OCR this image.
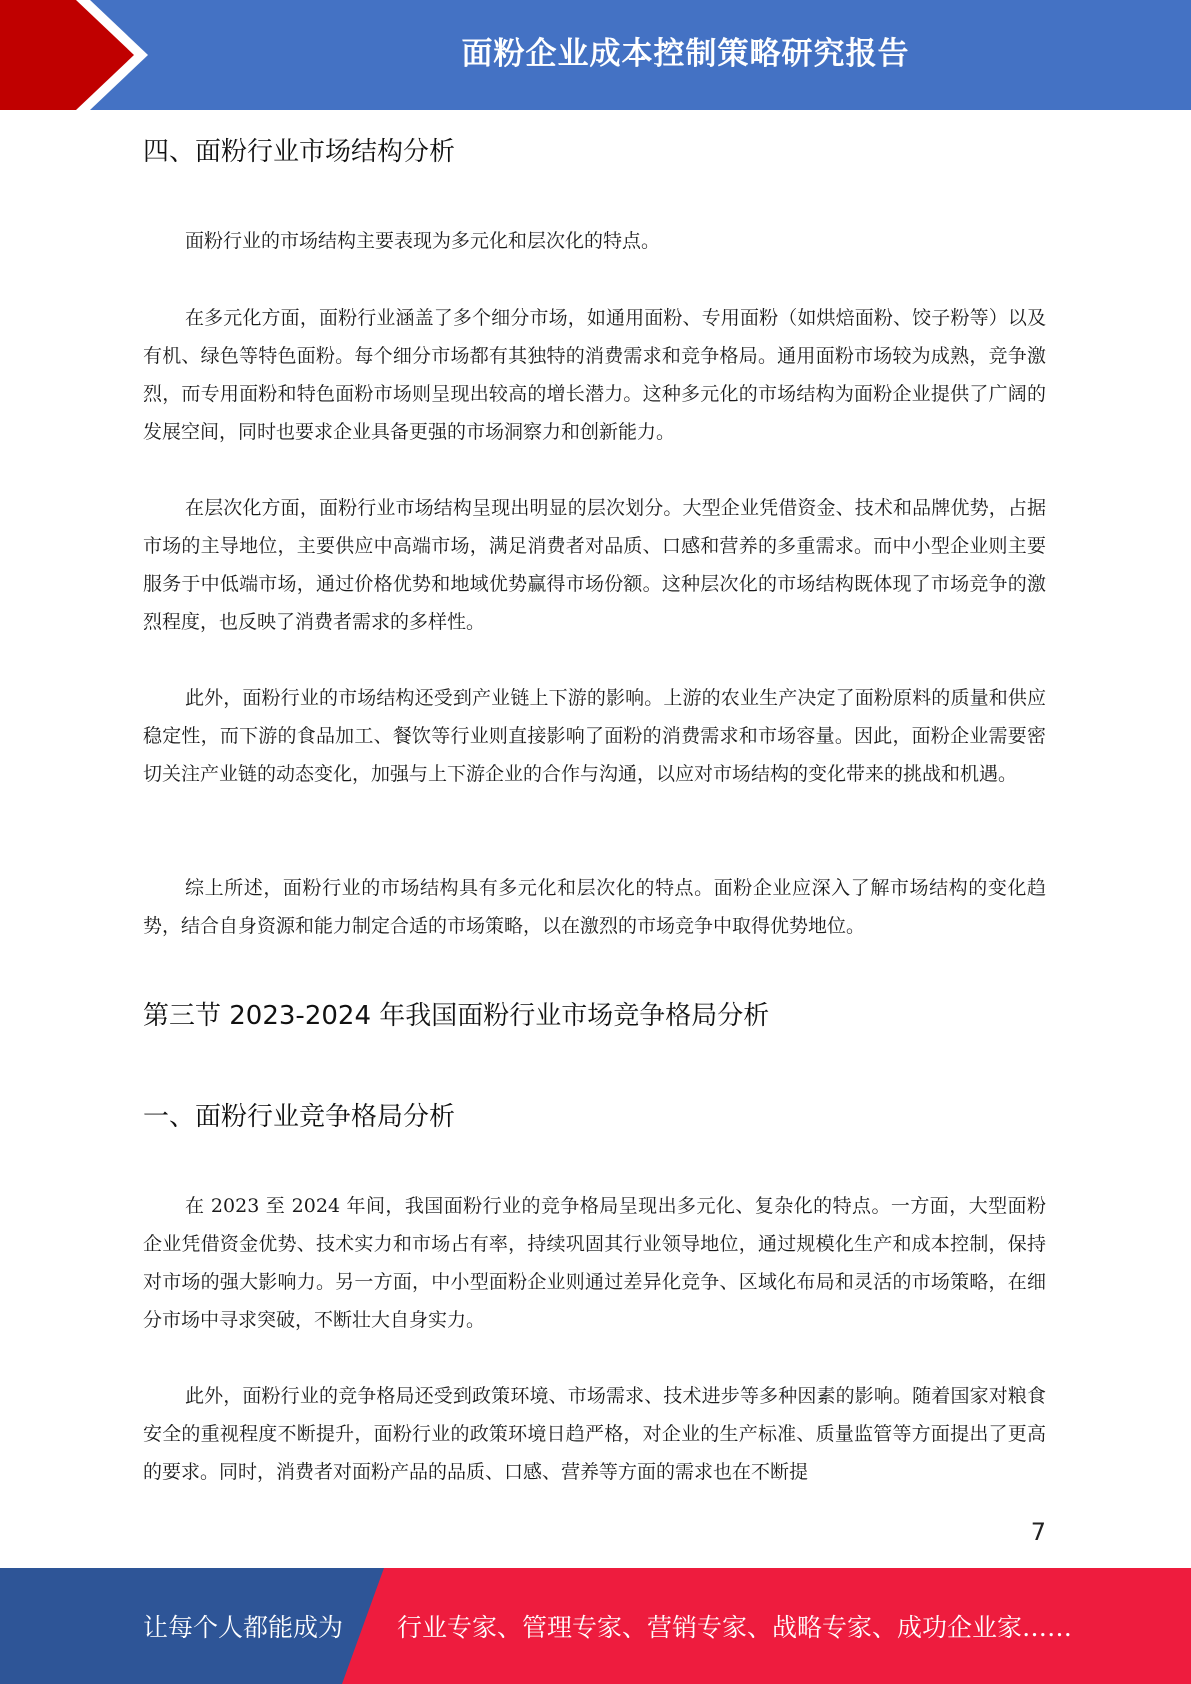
面粉企业成本控制策略研究报告
四、面粉行业市场结构分析
面粉行业的市场结构主要表现为多元化和层次化的特点。
在多元化方面，面粉行业涵盖了多个细分市场，如通用面粉、专用面粉（如烘焙面粉、饺子粉等）以及有机、绿色等特色面粉。每个细分市场都有其独特的消费需求和竞争格局。通用面粉市场较为成熟，竞争激烈，而专用面粉和特色面粉市场则呈现出较高的增长潜力。这种多元化的市场结构为面粉企业提供了广阔的发展空间，同时也要求企业具备更强的市场洞察力和创新能力。
在层次化方面，面粉行业市场结构呈现出明显的层次划分。大型企业凭借资金、技术和品牌优势，占据市场的主导地位，主要供应中高端市场，满足消费者对品质、口感和营养的多重需求。而中小型企业则主要服务于中低端市场，通过价格优势和地域优势赢得市场份额。这种层次化的市场结构既体现了市场竞争的激烈程度，也反映了消费者需求的多样性。
此外，面粉行业的市场结构还受到产业链上下游的影响。上游的农业生产决定了面粉原料的质量和供应稳定性，而下游的食品加工、餐饮等行业则直接影响了面粉的消费需求和市场容量。因此，面粉企业需要密切关注产业链的动态变化，加强与上下游企业的合作与沟通，以应对市场结构的变化带来的挑战和机遇。
综上所述，面粉行业的市场结构具有多元化和层次化的特点。面粉企业应深入了解市场结构的变化趋势，结合自身资源和能力制定合适的市场策略，以在激烈的市场竞争中取得优势地位。
第三节 2023-2024 年我国面粉行业市场竞争格局分析
一、面粉行业竞争格局分析
在 2023 至 2024 年间，我国面粉行业的竞争格局呈现出多元化、复杂化的特点。一方面，大型面粉企业凭借资金优势、技术实力和市场占有率，持续巩固其行业领导地位，通过规模化生产和成本控制，保持对市场的强大影响力。另一方面，中小型面粉企业则通过差异化竞争、区域化布局和灵活的市场策略，在细分市场中寻求突破，不断壮大自身实力。
此外，面粉行业的竞争格局还受到政策环境、市场需求、技术进步等多种因素的影响。随着国家对粮食安全的重视程度不断提升，面粉行业的政策环境日趋严格，对企业的生产标准、质量监管等方面提出了更高的要求。同时，消费者对面粉产品的品质、口感、营养等方面的需求也在不断提
7
让每个人都能成为 行业专家、管理专家、营销专家、战略专家、成功企业家……
